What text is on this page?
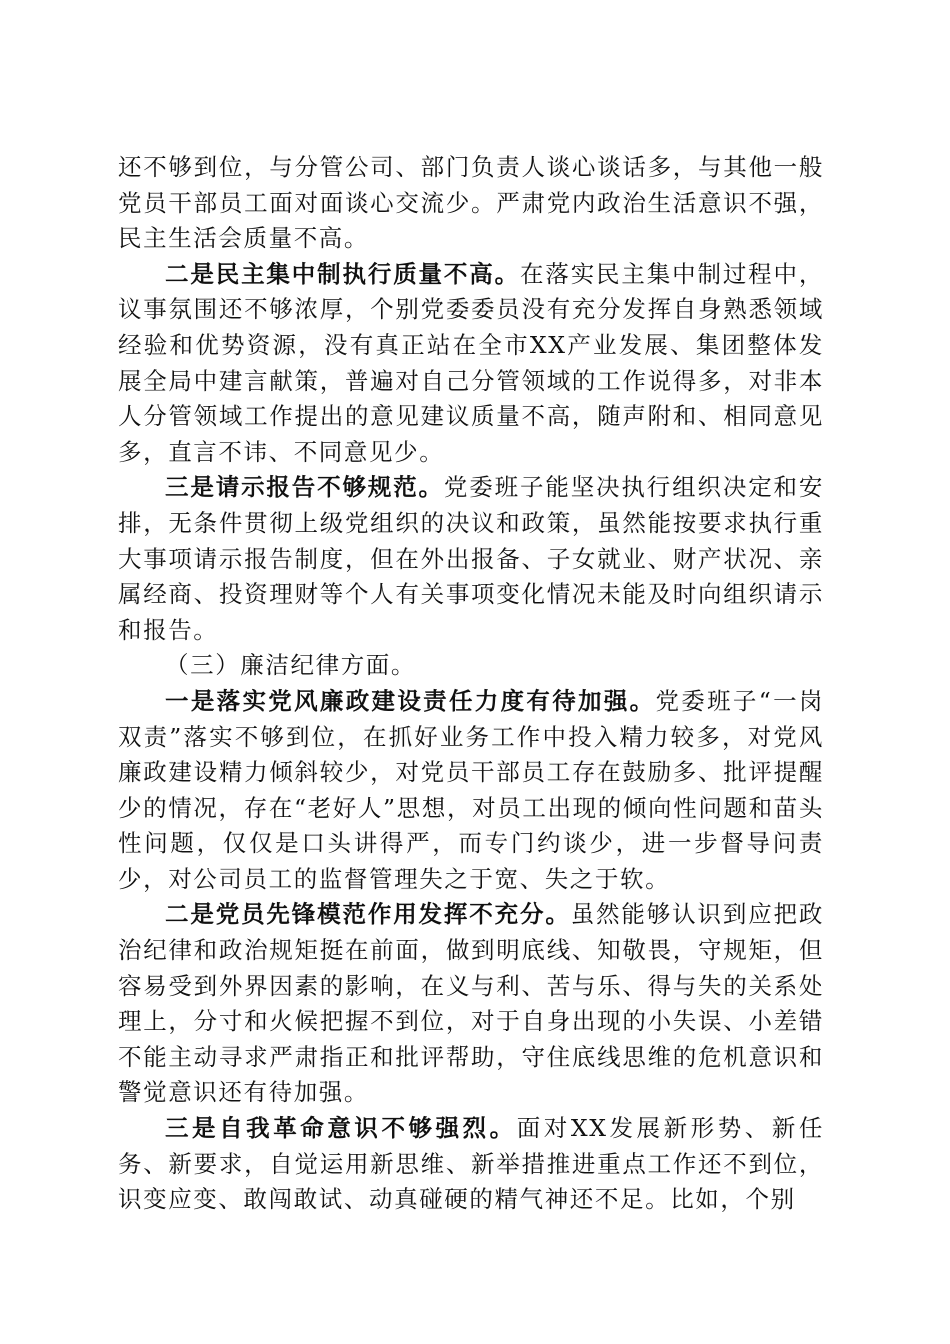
还不够到位，与分管公司、部门负责人谈心谈话多，与其他一般党员干部员工面对面谈心交流少。严肃党内政治生活意识不强，民主生活会质量不高。

二是民主集中制执行质量不高。在落实民主集中制过程中，议事氛围还不够浓厚，个别党委委员没有充分发挥自身熟悉领域经验和优势资源，没有真正站在全市XX产业发展、集团整体发展全局中建言献策，普遍对自己分管领域的工作说得多，对非本人分管领域工作提出的意见建议质量不高，随声附和、相同意见多，直言不讳、不同意见少。

三是请示报告不够规范。党委班子能坚决执行组织决定和安排，无条件贯彻上级党组织的决议和政策，虽然能按要求执行重大事项请示报告制度，但在外出报备、子女就业、财产状况、亲属经商、投资理财等个人有关事项变化情况未能及时向组织请示和报告。

（三）廉洁纪律方面。

一是落实党风廉政建设责任力度有待加强。党委班子“一岗双责”落实不够到位，在抓好业务工作中投入精力较多，对党风廉政建设精力倾斜较少，对党员干部员工存在鼓励多、批评提醒少的情况，存在“老好人”思想，对员工出现的倾向性问题和苗头性问题，仅仅是口头讲得严，而专门约谈少，进一步督导问责少，对公司员工的监督管理失之于宽、失之于软。

二是党员先锋模范作用发挥不充分。虽然能够认识到应把政治纪律和政治规矩挺在前面，做到明底线、知敬畏，守规矩，但容易受到外界因素的影响，在义与利、苦与乐、得与失的关系处理上，分寸和火候把握不到位，对于自身出现的小失误、小差错不能主动寻求严肃指正和批评帮助，守住底线思维的危机意识和警觉意识还有待加强。

三是自我革命意识不够强烈。面对XX发展新形势、新任务、新要求，自觉运用新思维、新举措推进重点工作还不到位，识变应变、敢闯敢试、动真碰硬的精气神还不足。比如，个别
